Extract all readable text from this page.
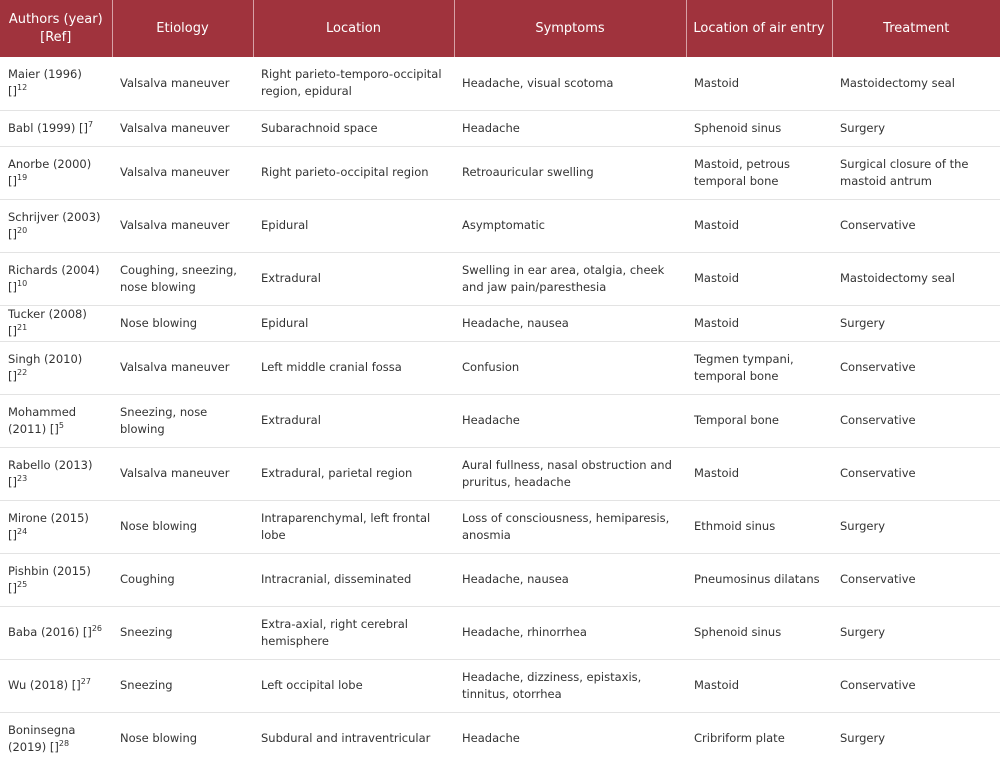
Authors (year) [Ref]	Etiology	Location	Symptoms	Location of air entry	Treatment
Maier (1996) []$^{12}$	Valsalva maneuver	Right parieto-temporo-occipital region, epidural	Headache, visual scotoma	Mastoid	Mastoidectomy seal
Babl (1999) []$^7$	Valsalva maneuver	Subarachnoid space	Headache	Sphenoid sinus	Surgery
Anorbe (2000) []$^{19}$	Valsalva maneuver	Right parieto-occipital region	Retroauricular swelling	Mastoid, petrous temporal bone	Surgical closure of the mastoid antrum
Schrijver (2003) []$^{20}$	Valsalva maneuver	Epidural	Asymptomatic	Mastoid	Conservative
Richards (2004) []$^{10}$	Coughing, sneezing, nose blowing	Extradural	Swelling in ear area, otalgia, cheek and jaw pain/paresthesia	Mastoid	Mastoidectomy seal
Tucker (2008) []$^{21}$	Nose blowing	Epidural	Headache, nausea	Mastoid	Surgery
Singh (2010) []$^{22}$	Valsalva maneuver	Left middle cranial fossa	Confusion	Tegmen tympani, temporal bone	Conservative
Mohammed (2011) []$^5$	Sneezing, nose blowing	Extradural	Headache	Temporal bone	Conservative
Rabello (2013) []$^{23}$	Valsalva maneuver	Extradural, parietal region	Aural fullness, nasal obstruction and pruritus, headache	Mastoid	Conservative
Mirone (2015) []$^{24}$	Nose blowing	Intraparenchymal, left frontal lobe	Loss of consciousness, hemiparesis, anosmia	Ethmoid sinus	Surgery
Pishbin (2015) []$^{25}$	Coughing	Intracranial, disseminated	Headache, nausea	Pneumosinus dilatans	Conservative
Baba (2016) []$^{26}$	Sneezing	Extra-axial, right cerebral hemisphere	Headache, rhinorrhea	Sphenoid sinus	Surgery
Wu (2018) []$^{27}$	Sneezing	Left occipital lobe	Headache, dizziness, epistaxis, tinnitus, otorrhea	Mastoid	Conservative
Boninsegna (2019) []$^{28}$	Nose blowing	Subdural and intraventricular	Headache	Cribriform plate	Surgery
